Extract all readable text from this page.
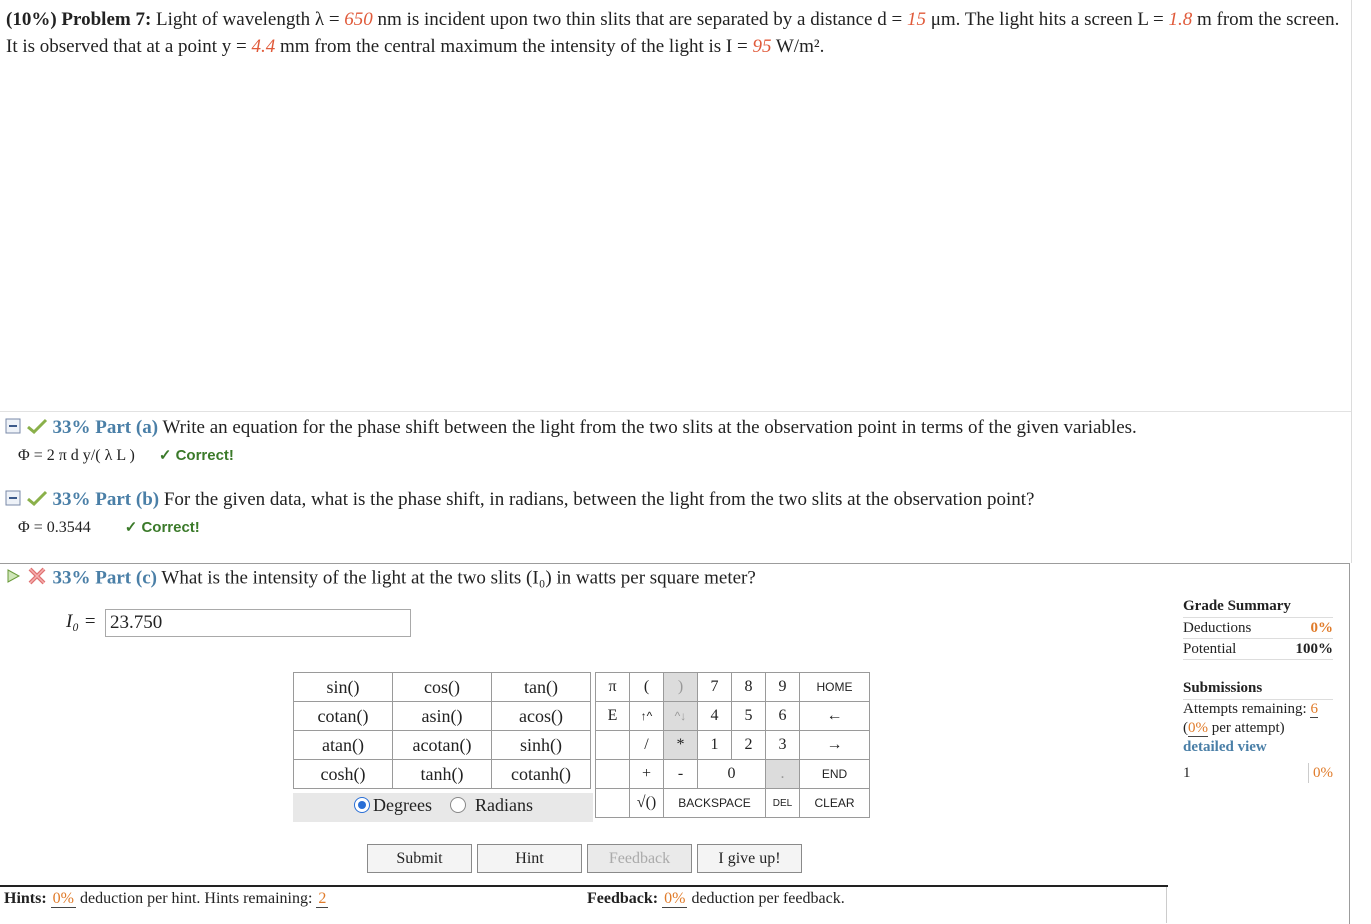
(10%) Problem 7: Light of wavelength λ = 650 nm is incident upon two thin slits that are separated by a distance d = 15 μm. The light hits a screen L = 1.8 m from the screen. It is observed that at a point y = 4.4 mm from the central maximum the intensity of the light is I = 95 W/m².
33% Part (a) Write an equation for the phase shift between the light from the two slits at the observation point in terms of the given variables.
Φ = 2 π d y/( λ L ) ✓ Correct!
33% Part (b) For the given data, what is the phase shift, in radians, between the light from the two slits at the observation point?
Φ = 0.3544 ✓ Correct!
33% Part (c) What is the intensity of the light at the two slits (I₀) in watts per square meter?
I₀ =
23.750
sin()	cos()	tan()
cotan()	asin()	acos()
atan()	acotan()	sinh()
cosh()	tanh()	cotanh()
Degrees Radians
π	(	)	7	8	9	HOME
E	↑^	^↓	4	5	6	←
	/	*	1	2	3	→
	+	-	0		.	END
	√()	BACKSPACE			DEL	CLEAR
Submit	Hint	Feedback	I give up!
Hints: 0% deduction per hint. Hints remaining: 2	Feedback: 0% deduction per feedback.
Grade Summary
Deductions	0%
Potential	100%
Submissions
Attempts remaining: 6
(0% per attempt)
detailed view
1	0%
